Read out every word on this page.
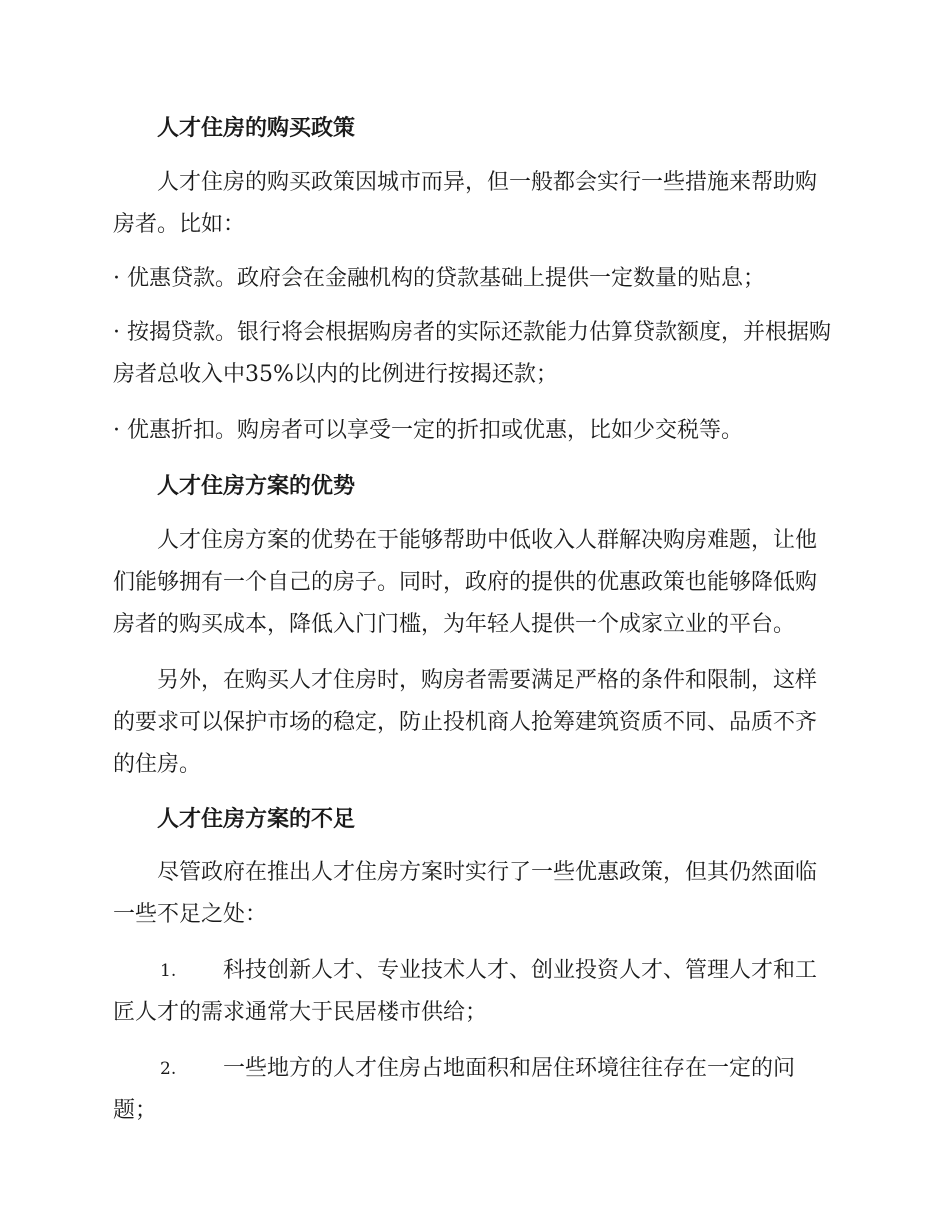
人才住房的购买政策

人才住房的购买政策因城市而异，但一般都会实行一些措施来帮助购房者。比如：

· 优惠贷款。政府会在金融机构的贷款基础上提供一定数量的贴息；

· 按揭贷款。银行将会根据购房者的实际还款能力估算贷款额度，并根据购房者总收入中35%以内的比例进行按揭还款；

· 优惠折扣。购房者可以享受一定的折扣或优惠，比如少交税等。

人才住房方案的优势

人才住房方案的优势在于能够帮助中低收入人群解决购房难题，让他们能够拥有一个自己的房子。同时，政府的提供的优惠政策也能够降低购房者的购买成本，降低入门门槛，为年轻人提供一个成家立业的平台。

另外，在购买人才住房时，购房者需要满足严格的条件和限制，这样的要求可以保护市场的稳定，防止投机商人抢筹建筑资质不同、品质不齐的住房。

人才住房方案的不足

尽管政府在推出人才住房方案时实行了一些优惠政策，但其仍然面临一些不足之处：

1.	科技创新人才、专业技术人才、创业投资人才、管理人才和工匠人才的需求通常大于民居楼市供给；

2.	一些地方的人才住房占地面积和居住环境往往存在一定的问题；
